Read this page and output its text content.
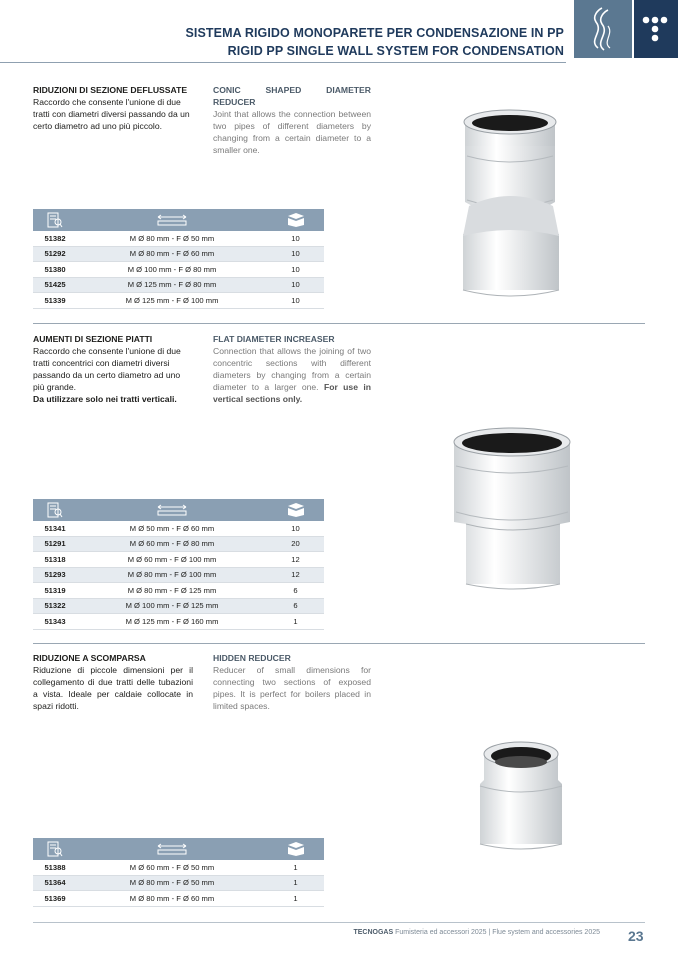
SISTEMA RIGIDO MONOPARETE PER CONDENSAZIONE IN PP
RIGID PP SINGLE WALL SYSTEM FOR CONDENSATION
RIDUZIONI DI SEZIONE DEFLUSSATE
Raccordo che consente l'unione di due tratti con diametri diversi passando da un certo diametro ad uno più piccolo.
CONIC SHAPED DIAMETER REDUCER
Joint that allows the connection between two pipes of different diameters by changing from a certain diameter to a smaller one.

51382	M Ø 80 mm - F Ø 50 mm	10
51292	M Ø 80 mm - F Ø 60 mm	10
51380	M Ø 100 mm - F Ø 80 mm	10
51425	M Ø 125 mm - F Ø 80 mm	10
51339	M Ø 125 mm - F Ø 100 mm	10
AUMENTI DI SEZIONE PIATTI
Raccordo che consente l'unione di due tratti concentrici con diametri diversi passando da un certo diametro ad uno più grande.
Da utilizzare solo nei tratti verticali.
FLAT DIAMETER INCREASER
Connection that allows the joining of two concentric sections with different diameters by changing from a certain diameter to a larger one. For use in vertical sections only.

51341	M Ø 50 mm - F Ø 60 mm	10
51291	M Ø 60 mm - F Ø 80 mm	20
51318	M Ø 60 mm - F Ø 100 mm	12
51293	M Ø 80 mm - F Ø 100 mm	12
51319	M Ø 80 mm - F Ø 125 mm	6
51322	M Ø 100 mm - F Ø 125 mm	6
51343	M Ø 125 mm - F Ø 160 mm	1
RIDUZIONE A SCOMPARSA
Riduzione di piccole dimensioni per il collegamento di due tratti delle tubazioni a vista. Ideale per caldaie collocate in spazi ridotti.
HIDDEN REDUCER
Reducer of small dimensions for connecting two sections of exposed pipes. It is perfect for boilers placed in limited spaces.

51388	M Ø 60 mm - F Ø 50 mm	1
51364	M Ø 80 mm - F Ø 50 mm	1
51369	M Ø 80 mm - F Ø 60 mm	1
TECNOGAS Fumisteria ed accessori 2025 | Flue system and accessories 2025 23
